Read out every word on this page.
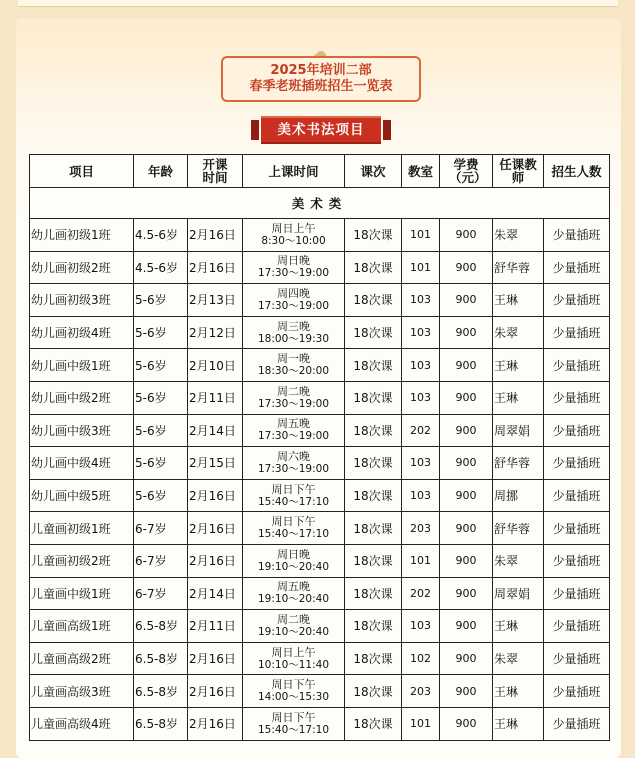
☁
2025年培训二部
春季老班插班招生一览表
美术书法项目
项目	年龄	开课时间	上课时间	课次	教室	学费（元）	任课教师	招生人数
美术类								
幼儿画初级1班	4.5-6岁	2月16日	周日上午
8:30～10:00	18次课	101	900	朱翠	少量插班
幼儿画初级2班	4.5-6岁	2月16日	周日晚
17:30～19:00	18次课	101	900	舒华蓉	少量插班
幼儿画初级3班	5-6岁	2月13日	周四晚
17:30～19:00	18次课	103	900	王琳	少量插班
幼儿画初级4班	5-6岁	2月12日	周三晚
18:00～19:30	18次课	103	900	朱翠	少量插班
幼儿画中级1班	5-6岁	2月10日	周一晚
18:30～20:00	18次课	103	900	王琳	少量插班
幼儿画中级2班	5-6岁	2月11日	周二晚
17:30～19:00	18次课	103	900	王琳	少量插班
幼儿画中级3班	5-6岁	2月14日	周五晚
17:30～19:00	18次课	202	900	周翠娟	少量插班
幼儿画中级4班	5-6岁	2月15日	周六晚
17:30～19:00	18次课	103	900	舒华蓉	少量插班
幼儿画中级5班	5-6岁	2月16日	周日下午
15:40～17:10	18次课	103	900	周挪	少量插班
儿童画初级1班	6-7岁	2月16日	周日下午
15:40～17:10	18次课	203	900	舒华蓉	少量插班
儿童画初级2班	6-7岁	2月16日	周日晚
19:10～20:40	18次课	101	900	朱翠	少量插班
儿童画中级1班	6-7岁	2月14日	周五晚
19:10～20:40	18次课	202	900	周翠娟	少量插班
儿童画高级1班	6.5-8岁	2月11日	周二晚
19:10～20:40	18次课	103	900	王琳	少量插班
儿童画高级2班	6.5-8岁	2月16日	周日上午
10:10～11:40	18次课	102	900	朱翠	少量插班
儿童画高级3班	6.5-8岁	2月16日	周日下午
14:00～15:30	18次课	203	900	王琳	少量插班
儿童画高级4班	6.5-8岁	2月16日	周日下午
15:40～17:10	18次课	101	900	王琳	少量插班
